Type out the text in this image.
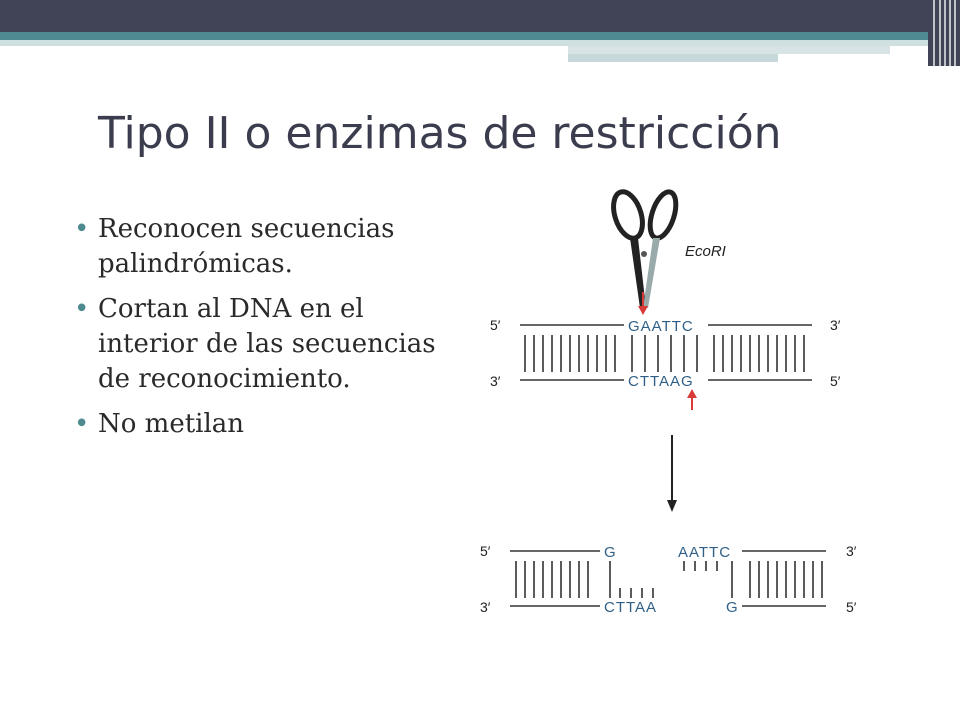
Tipo II o enzimas de restricción
• Reconocen secuencias palindrómicas.
• Cortan al DNA en el interior de las secuencias de reconocimiento.
• No metilan
EcoRI
5′	GAATTC	3′
3′	CTTAAG	5′
5′	G
3′	CTTAA
AATTC	3′
G	5′
